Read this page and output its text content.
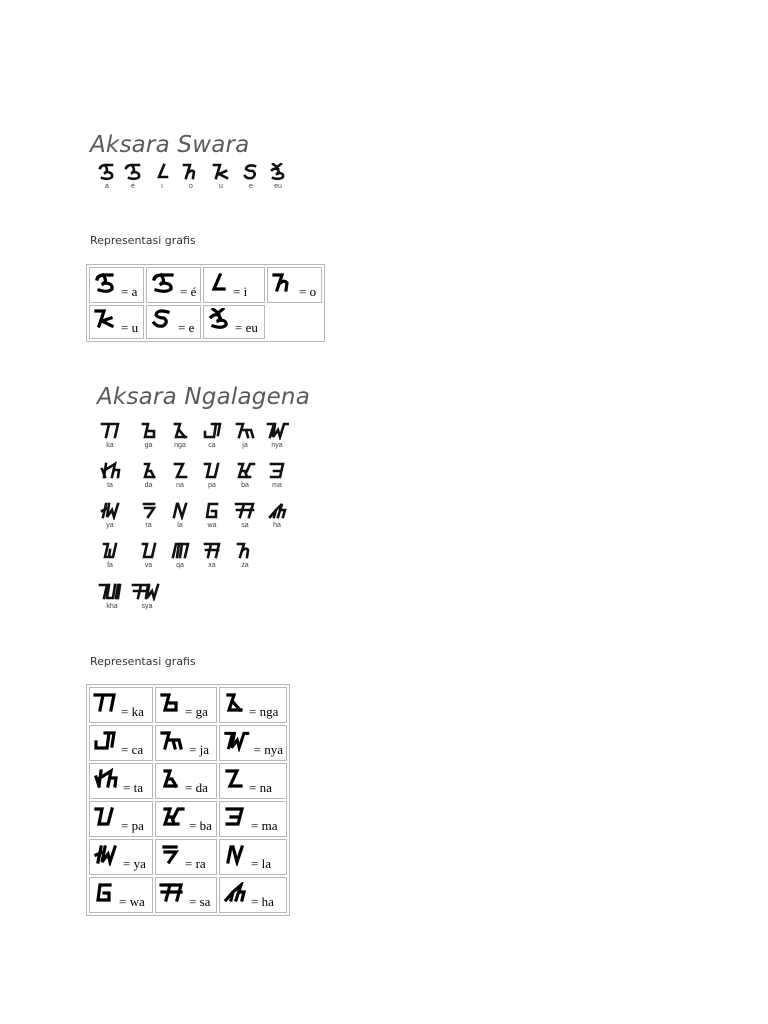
Aksara Swara
a	é	i	o	u	e	eu
Representasi grafis
= a	= é	= i	= o
= u	= e	= eu
Aksara Ngalagena
ka	ga	nga	ca	ja	nya
ta	da	na	pa	ba	ma
ya	ra	la	wa	sa	ha
fa	va	qa	xa	za
kha	sya
Representasi grafis
= ka	= ga	= nga
= ca	= ja	= nya
= ta	= da	= na
= pa	= ba	= ma
= ya	= ra	= la
= wa	= sa	= ha
